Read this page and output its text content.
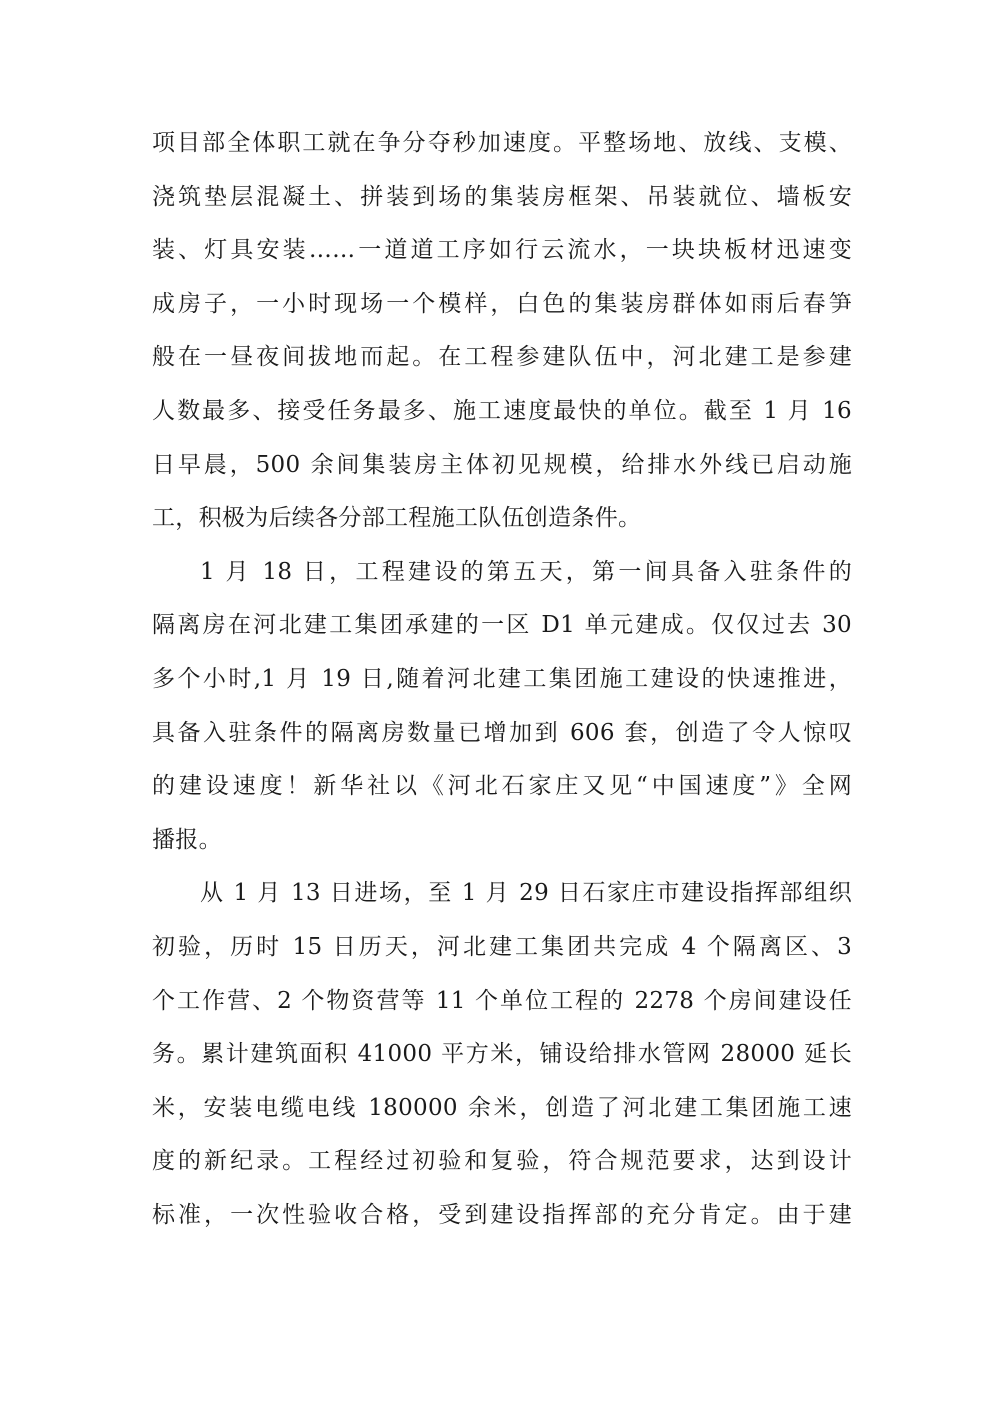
项目部全体职工就在争分夺秒加速度。平整场地、放线、支模、
浇筑垫层混凝土、拼装到场的集装房框架、吊装就位、墙板安
装、灯具安装……一道道工序如行云流水，一块块板材迅速变
成房子，一小时现场一个模样，白色的集装房群体如雨后春笋
般在一昼夜间拔地而起。在工程参建队伍中，河北建工是参建
人数最多、接受任务最多、施工速度最快的单位。截至 1 月 16
日早晨，500 余间集装房主体初见规模，给排水外线已启动施
工，积极为后续各分部工程施工队伍创造条件。
1 月 18 日，工程建设的第五天，第一间具备入驻条件的
隔离房在河北建工集团承建的一区 D1 单元建成。仅仅过去 30
多个小时,1 月 19 日,随着河北建工集团施工建设的快速推进，
具备入驻条件的隔离房数量已增加到 606 套，创造了令人惊叹
的建设速度！新华社以《河北石家庄又见“中国速度”》全网
播报。
从 1 月 13 日进场，至 1 月 29 日石家庄市建设指挥部组织
初验，历时 15 日历天，河北建工集团共完成 4 个隔离区、3
个工作营、2 个物资营等 11 个单位工程的 2278 个房间建设任
务。累计建筑面积 41000 平方米，铺设给排水管网 28000 延长
米，安装电缆电线 180000 余米，创造了河北建工集团施工速
度的新纪录。工程经过初验和复验，符合规范要求，达到设计
标准，一次性验收合格，受到建设指挥部的充分肯定。由于建
